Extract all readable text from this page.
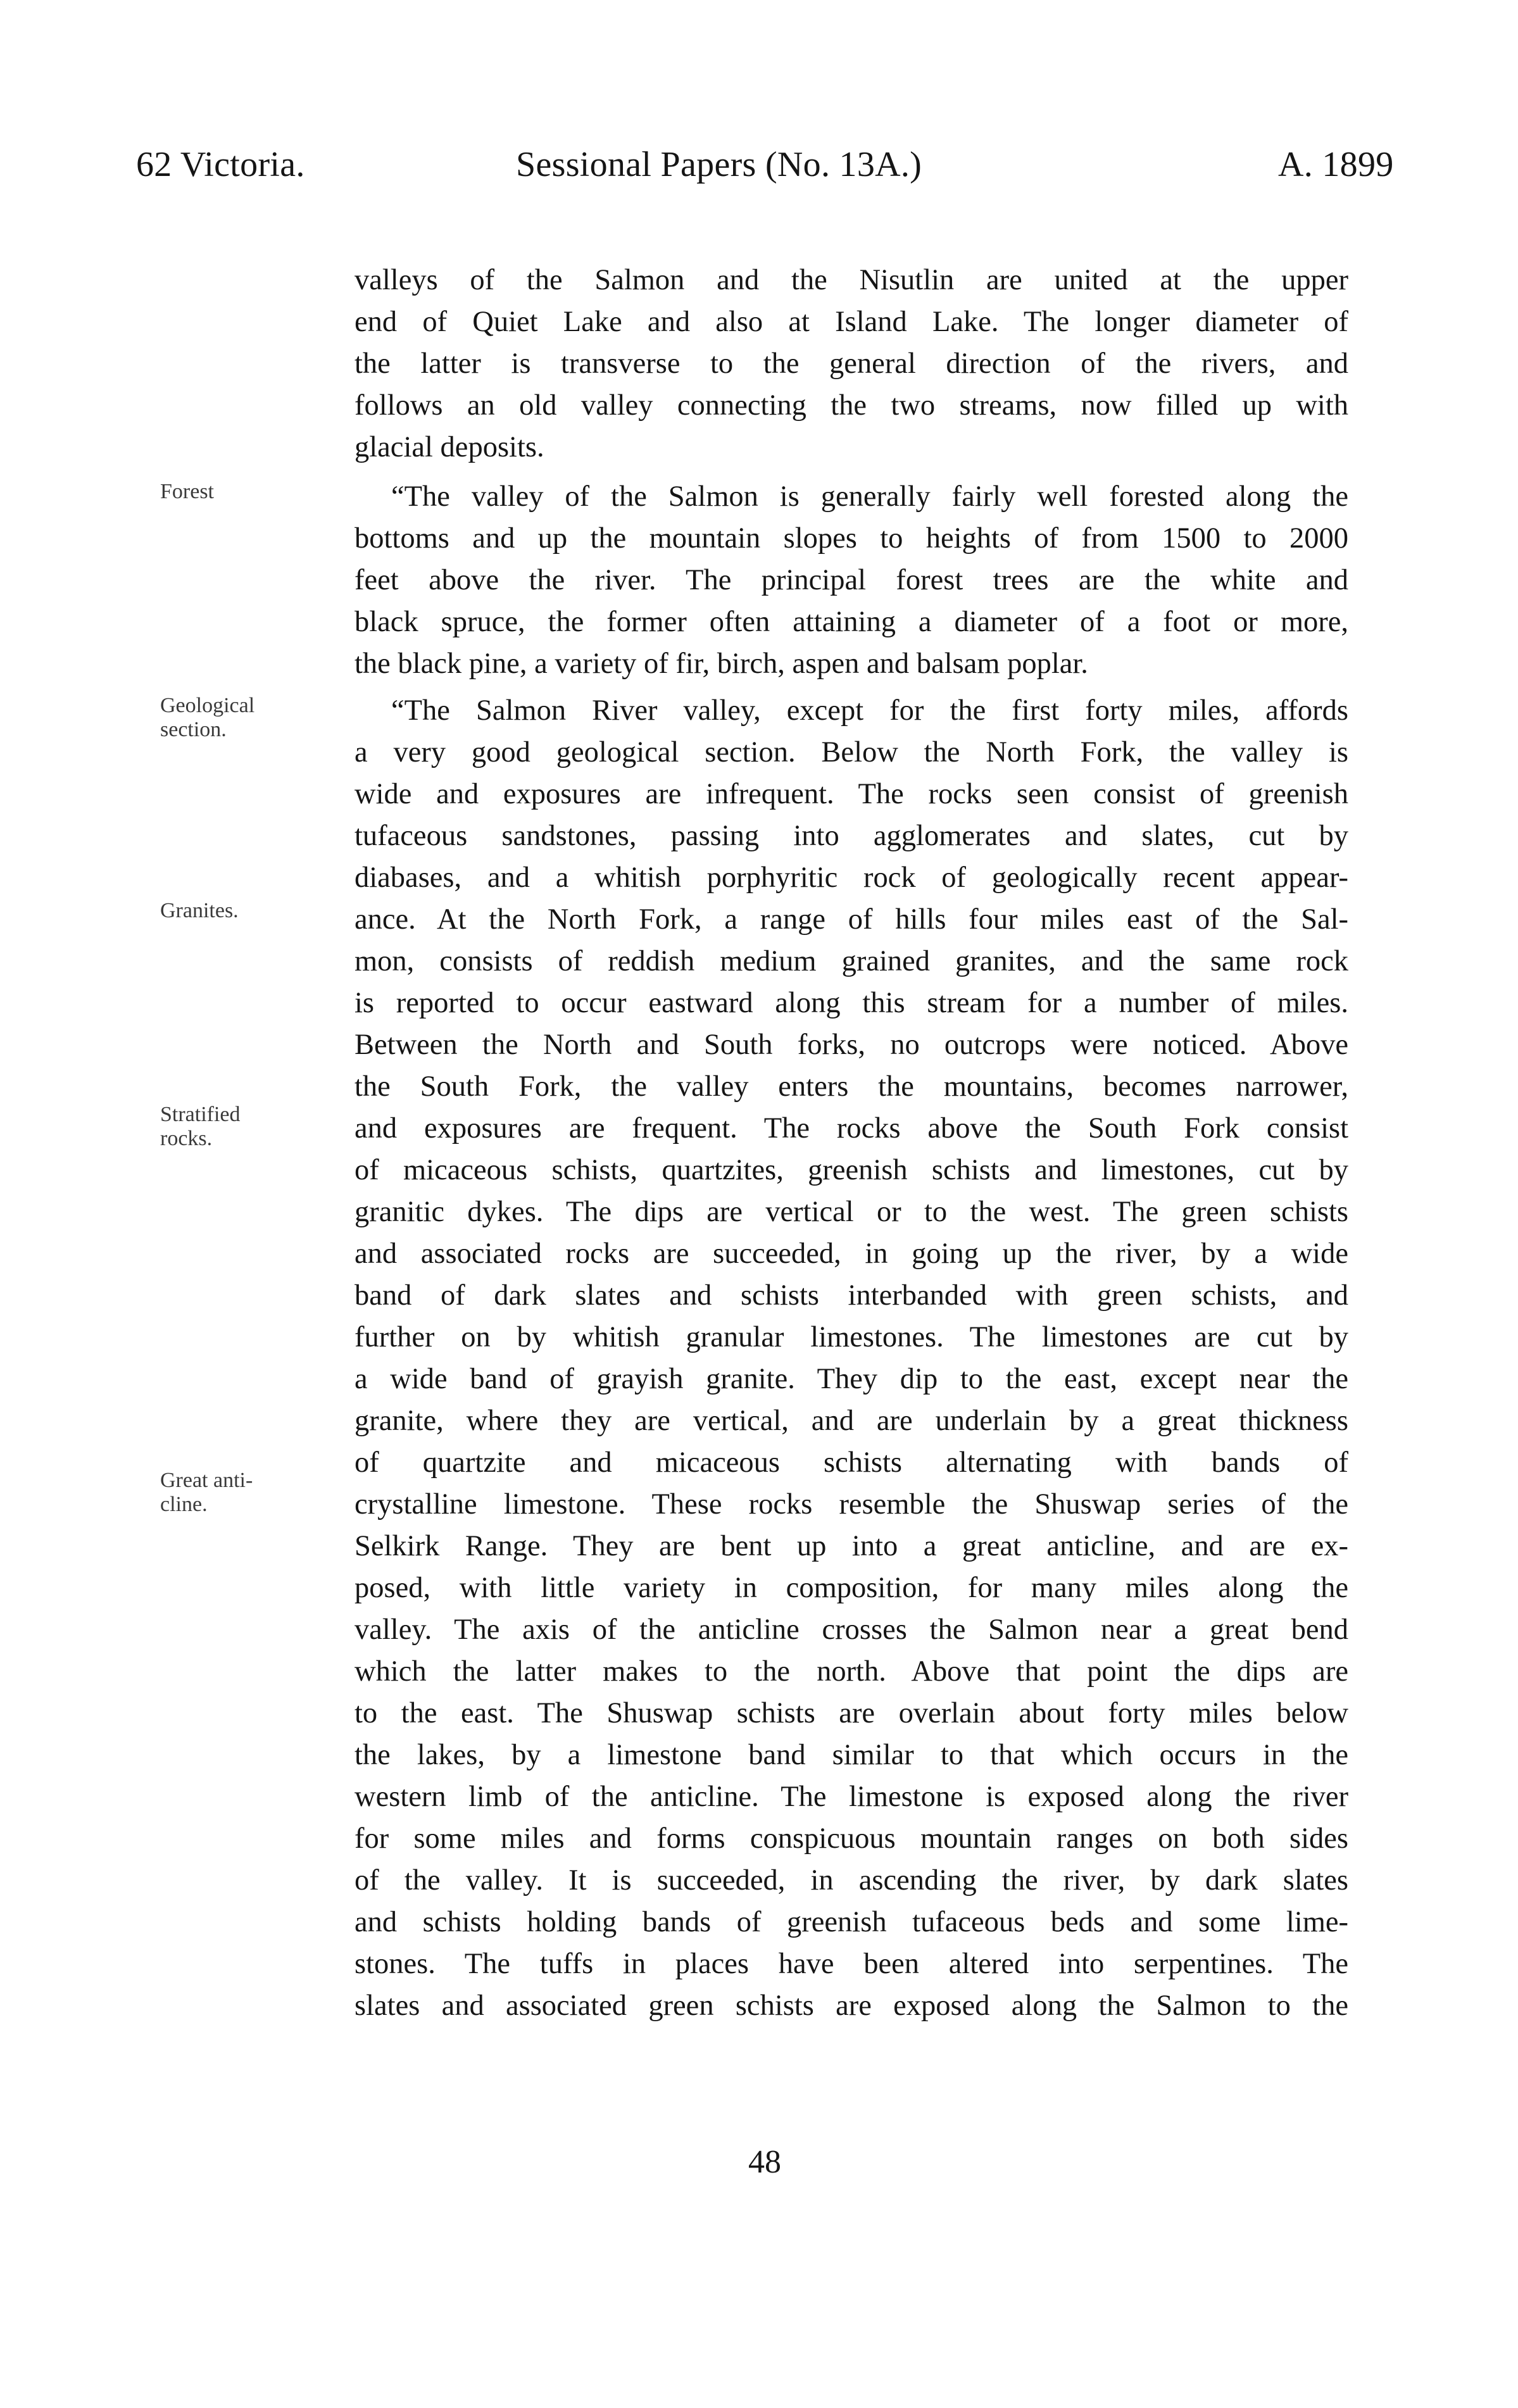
62 Victoria.	Sessional Papers (No. 13A.)	A. 1899
Forest
Geological
section.
Granites.
Stratified
rocks.
Great anti-
cline.
valleys of the Salmon and the Nisutlin are united at the upper
end of Quiet Lake and also at Island Lake. The longer diameter of
the latter is transverse to the general direction of the rivers, and
follows an old valley connecting the two streams, now filled up with
glacial deposits.
“The valley of the Salmon is generally fairly well forested along the
bottoms and up the mountain slopes to heights of from 1500 to 2000
feet above the river. The principal forest trees are the white and
black spruce, the former often attaining a diameter of a foot or more,
the black pine, a variety of fir, birch, aspen and balsam poplar.
“The Salmon River valley, except for the first forty miles, affords
a very good geological section. Below the North Fork, the valley is
wide and exposures are infrequent. The rocks seen consist of greenish
tufaceous sandstones, passing into agglomerates and slates, cut by
diabases, and a whitish porphyritic rock of geologically recent appear-
ance. At the North Fork, a range of hills four miles east of the Sal-
mon, consists of reddish medium grained granites, and the same rock
is reported to occur eastward along this stream for a number of miles.
Between the North and South forks, no outcrops were noticed. Above
the South Fork, the valley enters the mountains, becomes narrower,
and exposures are frequent. The rocks above the South Fork consist
of micaceous schists, quartzites, greenish schists and limestones, cut by
granitic dykes. The dips are vertical or to the west. The green schists
and associated rocks are succeeded, in going up the river, by a wide
band of dark slates and schists interbanded with green schists, and
further on by whitish granular limestones. The limestones are cut by
a wide band of grayish granite. They dip to the east, except near the
granite, where they are vertical, and are underlain by a great thickness
of quartzite and micaceous schists alternating with bands of
crystalline limestone. These rocks resemble the Shuswap series of the
Selkirk Range. They are bent up into a great anticline, and are ex-
posed, with little variety in composition, for many miles along the
valley. The axis of the anticline crosses the Salmon near a great bend
which the latter makes to the north. Above that point the dips are
to the east. The Shuswap schists are overlain about forty miles below
the lakes, by a limestone band similar to that which occurs in the
western limb of the anticline. The limestone is exposed along the river
for some miles and forms conspicuous mountain ranges on both sides
of the valley. It is succeeded, in ascending the river, by dark slates
and schists holding bands of greenish tufaceous beds and some lime-
stones. The tuffs in places have been altered into serpentines. The
slates and associated green schists are exposed along the Salmon to the
48
